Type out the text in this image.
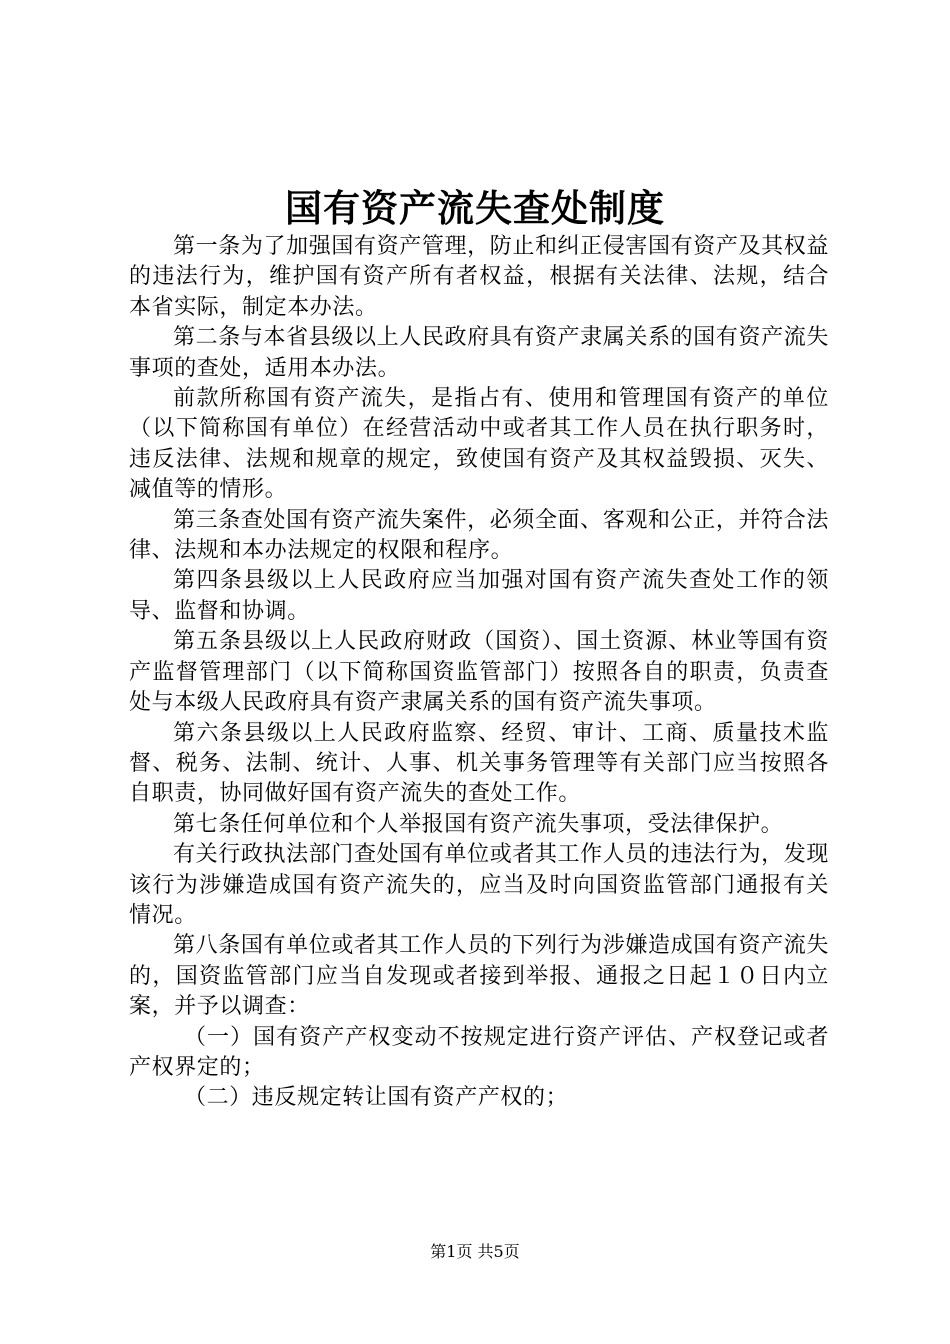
国有资产流失查处制度

第一条为了加强国有资产管理，防止和纠正侵害国有资产及其权益的违法行为，维护国有资产所有者权益，根据有关法律、法规，结合本省实际，制定本办法。

第二条与本省县级以上人民政府具有资产隶属关系的国有资产流失事项的查处，适用本办法。

前款所称国有资产流失，是指占有、使用和管理国有资产的单位（以下简称国有单位）在经营活动中或者其工作人员在执行职务时，违反法律、法规和规章的规定，致使国有资产及其权益毁损、灭失、减值等的情形。

第三条查处国有资产流失案件，必须全面、客观和公正，并符合法律、法规和本办法规定的权限和程序。

第四条县级以上人民政府应当加强对国有资产流失查处工作的领导、监督和协调。

第五条县级以上人民政府财政（国资）、国土资源、林业等国有资产监督管理部门（以下简称国资监管部门）按照各自的职责，负责查处与本级人民政府具有资产隶属关系的国有资产流失事项。

第六条县级以上人民政府监察、经贸、审计、工商、质量技术监督、税务、法制、统计、人事、机关事务管理等有关部门应当按照各自职责，协同做好国有资产流失的查处工作。

第七条任何单位和个人举报国有资产流失事项，受法律保护。

有关行政执法部门查处国有单位或者其工作人员的违法行为，发现该行为涉嫌造成国有资产流失的，应当及时向国资监管部门通报有关情况。

第八条国有单位或者其工作人员的下列行为涉嫌造成国有资产流失的，国资监管部门应当自发现或者接到举报、通报之日起１０日内立案，并予以调查：

（一）国有资产产权变动不按规定进行资产评估、产权登记或者产权界定的；

（二）违反规定转让国有资产产权的；

第1页 共5页
